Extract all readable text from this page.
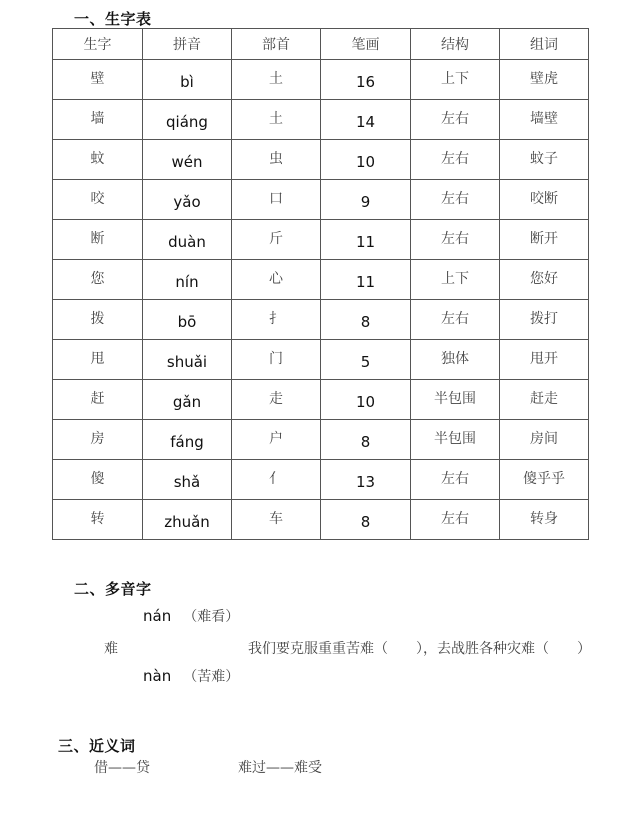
一、生字表
生字	拼音	部首	笔画	结构	组词

壁	bì	土	16	上下	壁虎

墙	qiáng	土	14	左右	墙壁

蚊	wén	虫	10	左右	蚊子

咬	yǎo	口	9	左右	咬断

断	duàn	斤	11	左右	断开

您	nín	心	11	上下	您好

拨	bō	扌	8	左右	拨打

甩	shuǎi	门	5	独体	甩开

赶	gǎn	走	10	半包围	赶走

房	fáng	户	8	半包围	房间

傻	shǎ	亻	13	左右	傻乎乎

转	zhuǎn	车	8	左右	转身
二、多音字
nán （难看）
难	我们要克服重重苦难（　　），去战胜各种灾难（　　）
nàn （苦难）
三、近义词
借——贷	难过——难受
